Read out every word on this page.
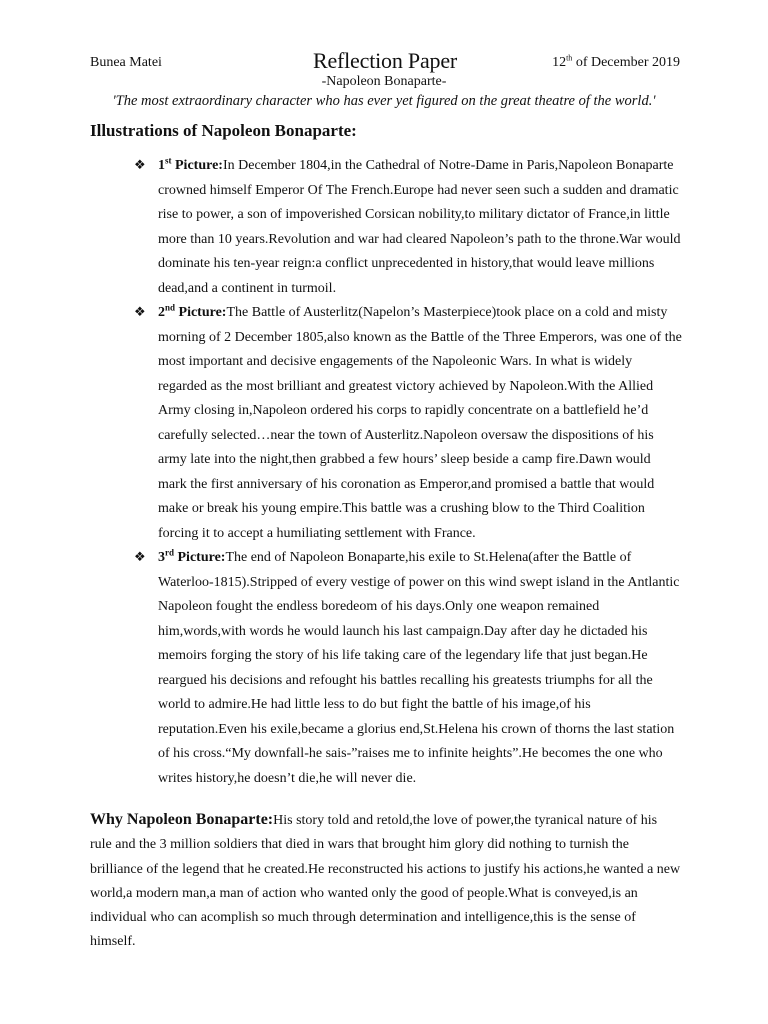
Bunea Matei	Reflection Paper	12th of December 2019
-Napoleon Bonaparte-
'The most extraordinary character who has ever yet figured on the great theatre of the world.'
Illustrations of Napoleon Bonaparte:
❖ 1st Picture:In December 1804,in the Cathedral of Notre-Dame in Paris,Napoleon Bonaparte crowned himself Emperor Of The French.Europe had never seen such a sudden and dramatic rise to power, a son of impoverished Corsican nobility,to military dictator of France,in little more than 10 years.Revolution and war had cleared Napoleon’s path to the throne.War would dominate his ten-year reign:a conflict unprecedented in history,that would leave millions dead,and a continent in turmoil.
❖ 2nd Picture:The Battle of Austerlitz(Napelon’s Masterpiece)took place on a cold and misty morning of 2 December 1805,also known as the Battle of the Three Emperors, was one of the most important and decisive engagements of the Napoleonic Wars. In what is widely regarded as the most brilliant and greatest victory achieved by Napoleon.With the Allied Army closing in,Napoleon ordered his corps to rapidly concentrate on a battlefield he’d carefully selected…near the town of Austerlitz.Napoleon oversaw the dispositions of his army late into the night,then grabbed a few hours’ sleep beside a camp fire.Dawn would mark the first anniversary of his coronation as Emperor,and promised a battle that would make or break his young empire.This battle was a crushing blow to the Third Coalition forcing it to accept a humiliating settlement with France.
❖ 3rd Picture:The end of Napoleon Bonaparte,his exile to St.Helena(after the Battle of Waterloo-1815).Stripped of every vestige of power on this wind swept island in the Antlantic Napoleon fought the endless boredeom of his days.Only one weapon remained him,words,with words he would launch his last campaign.Day after day he dictaded his memoirs forging the story of his life taking care of the legendary life that just began.He reargued his decisions and refought his battles recalling his greatests triumphs for all the world to admire.He had little less to do but fight the battle of his image,of his reputation.Even his exile,became a glorius end,St.Helena his crown of thorns the last station of his cross.“My downfall-he sais-”raises me to infinite heights”.He becomes the one who writes history,he doesn’t die,he will never die.

Why Napoleon Bonaparte:His story told and retold,the love of power,the tyranical nature of his rule and the 3 million soldiers that died in wars that brought him glory did nothing to turnish the brilliance of the legend that he created.He reconstructed his actions to justify his actions,he wanted a new world,a modern man,a man of action who wanted only the good of people.What is conveyed,is an individual who can acomplish so much through determination and intelligence,this is the sense of himself.
